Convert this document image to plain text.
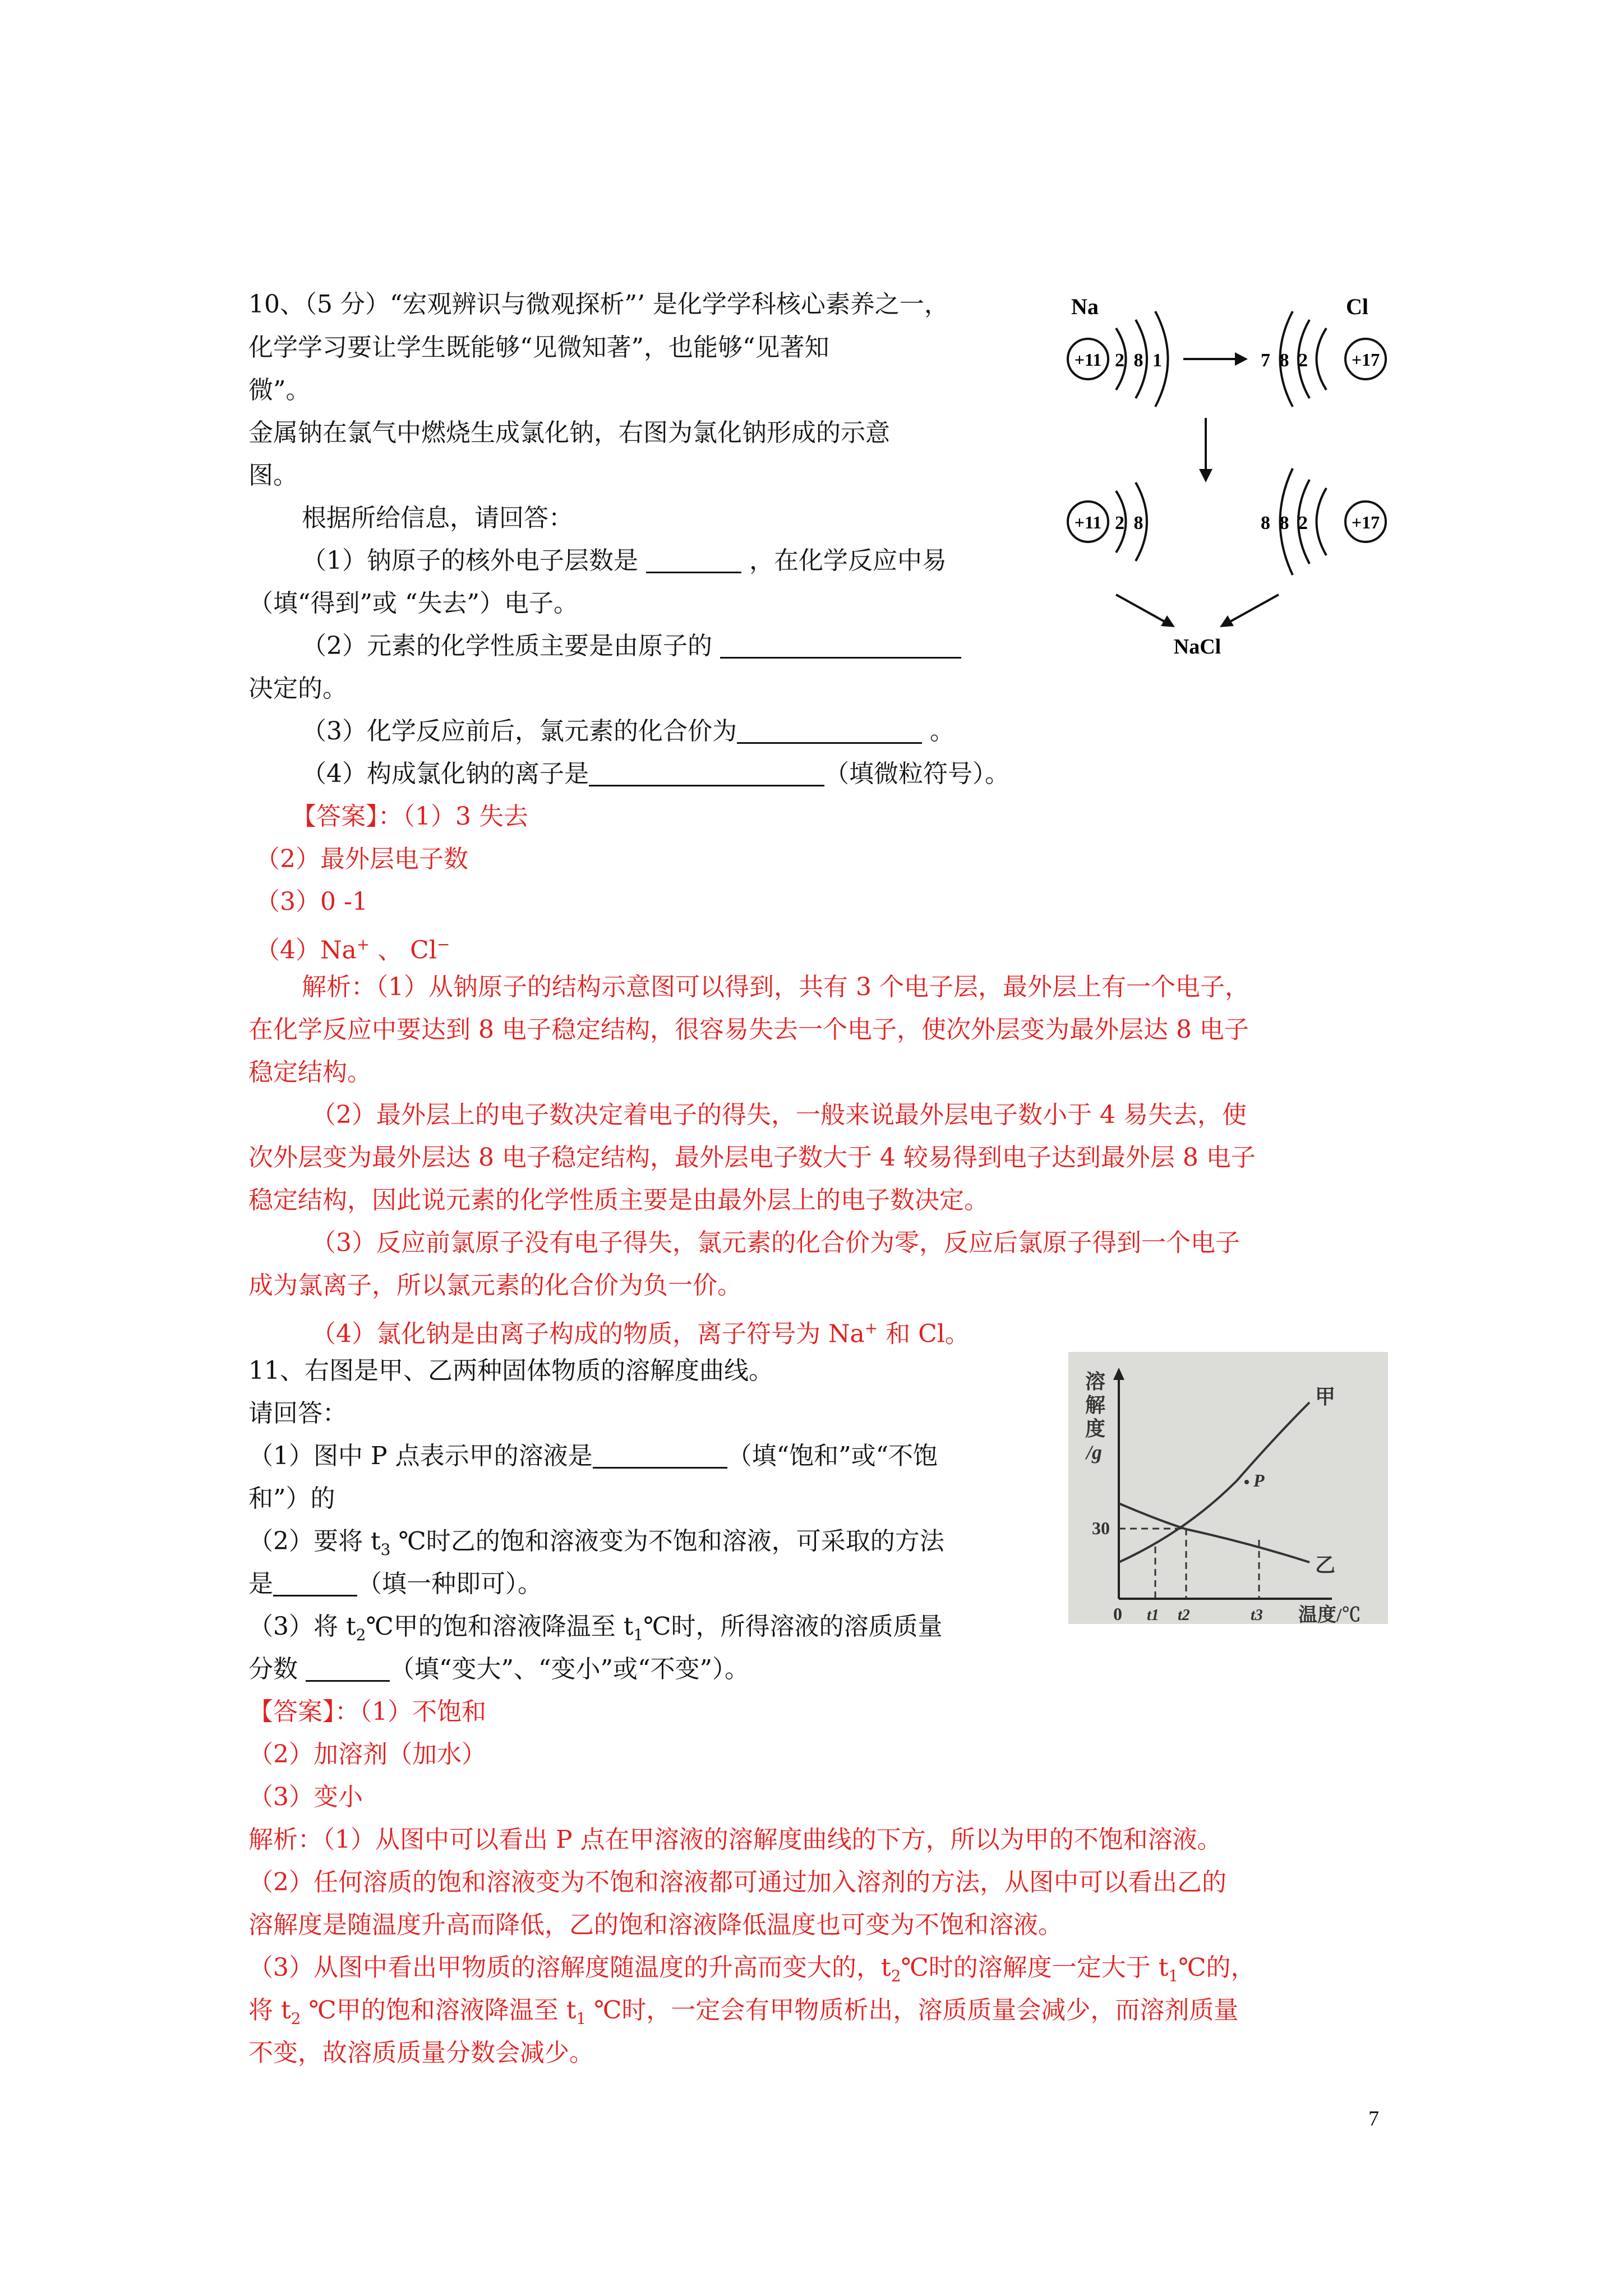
10、（5 分）“宏观辨识与微观探析”’ 是化学学科核心素养之一，
化学学习要让学生既能够“见微知著”，也能够“见著知
微”。
金属钠在氯气中燃烧生成氯化钠，右图为氯化钠形成的示意
图。
根据所给信息，请回答：
（1）钠原子的核外电子层数是	，在化学反应中易
（填“得到”或 “失去”）电子。
（2）元素的化学性质主要是由原子的
决定的。
（3）化学反应前后，氯元素的化合价为	。
（4）构成氯化钠的离子是	（填微粒符号）。
【答案】：（1）3 失去
（2）最外层电子数
（3）0 -1
（4）Na+ 、 Cl−
解析：（1）从钠原子的结构示意图可以得到，共有 3 个电子层，最外层上有一个电子，
在化学反应中要达到 8 电子稳定结构，很容易失去一个电子，使次外层变为最外层达 8 电子
稳定结构。
（2）最外层上的电子数决定着电子的得失，一般来说最外层电子数小于 4 易失去，使
次外层变为最外层达 8 电子稳定结构，最外层电子数大于 4 较易得到电子达到最外层 8 电子
稳定结构，因此说元素的化学性质主要是由最外层上的电子数决定。
（3）反应前氯原子没有电子得失，氯元素的化合价为零，反应后氯原子得到一个电子
成为氯离子，所以氯元素的化合价为负一价。
（4）氯化钠是由离子构成的物质，离子符号为 Na+ 和 Cl。
Na	Cl
+11 2 8 1	7 8 2 +17
+11 2 8	8 8 2 +17
NaCl
11、右图是甲、乙两种固体物质的溶解度曲线。
请回答：
（1）图中 P 点表示甲的溶液是	（填“饱和”或“不饱
和”）的
（2）要将 $t_3$ ℃时乙的饱和溶液变为不饱和溶液，可采取的方法
是	（填一种即可）。
（3）将 $t_2℃$甲的饱和溶液降温至 $t_1℃$时，所得溶液的溶质质量
分数	（填“变大”、“变小”或“不变”）。
【答案】：（1）不饱和
（2）加溶剂（加水）
（3）变小
解析：（1）从图中可以看出 P 点在甲溶液的溶解度曲线的下方，所以为甲的不饱和溶液。
（2）任何溶质的饱和溶液变为不饱和溶液都可通过加入溶剂的方法，从图中可以看出乙的
溶解度是随温度升高而降低，乙的饱和溶液降低温度也可变为不饱和溶液。
（3）从图中看出甲物质的溶解度随温度的升高而变大的，$t_2℃$时的溶解度一定大于 $t_1℃$的，
将 $t_2$ ℃甲的饱和溶液降温至 $t_1$ ℃时，一定会有甲物质析出，溶质质量会减少，而溶剂质量
不变，故溶质质量分数会减少。
溶 解 度 /g
30
甲
乙
P
0 t1 t2	t3 温度/℃
7
